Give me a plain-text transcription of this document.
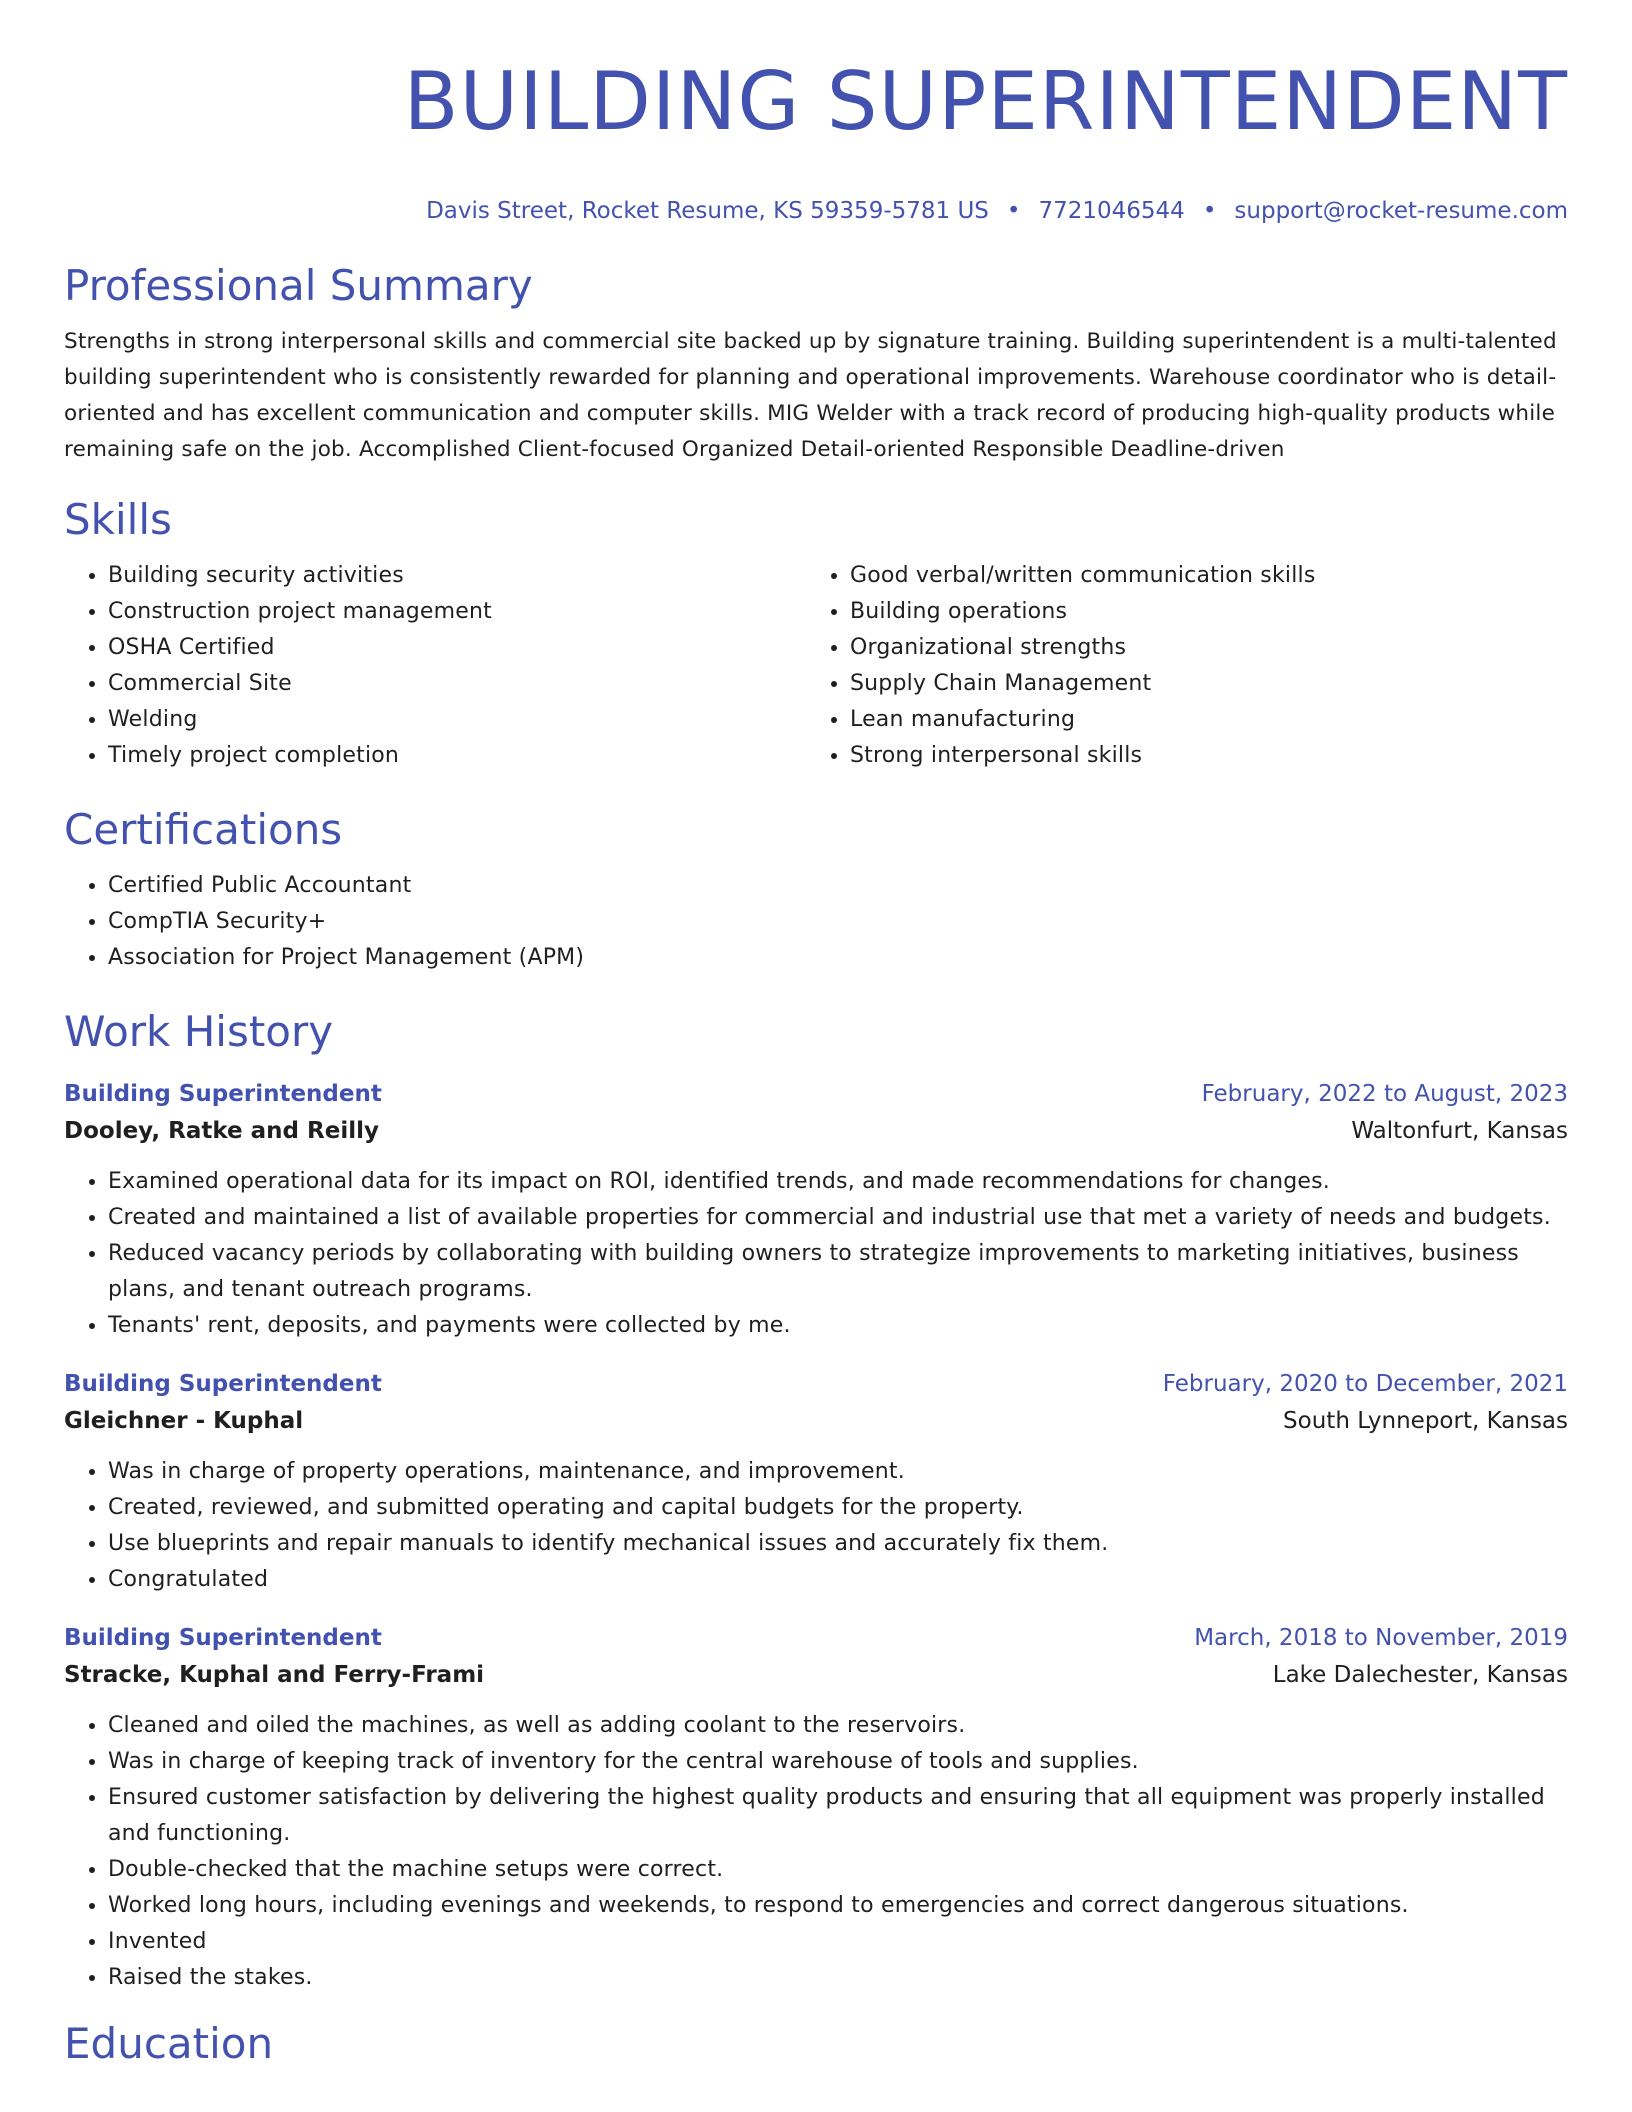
BUILDING SUPERINTENDENT
Davis Street, Rocket Resume, KS 59359-5781 US • 7721046544 • support@rocket-resume.com
Professional Summary
Strengths in strong interpersonal skills and commercial site backed up by signature training. Building superintendent is a multi-talented building superintendent who is consistently rewarded for planning and operational improvements. Warehouse coordinator who is detail-oriented and has excellent communication and computer skills. MIG Welder with a track record of producing high-quality products while remaining safe on the job. Accomplished Client-focused Organized Detail-oriented Responsible Deadline-driven
Skills
• Building security activities
• Construction project management
• OSHA Certified
• Commercial Site
• Welding
• Timely project completion
• Good verbal/written communication skills
• Building operations
• Organizational strengths
• Supply Chain Management
• Lean manufacturing
• Strong interpersonal skills
Certifications
• Certified Public Accountant
• CompTIA Security+
• Association for Project Management (APM)
Work History
Building Superintendent	February, 2022 to August, 2023
Dooley, Ratke and Reilly	Waltonfurt, Kansas
• Examined operational data for its impact on ROI, identified trends, and made recommendations for changes.
• Created and maintained a list of available properties for commercial and industrial use that met a variety of needs and budgets.
• Reduced vacancy periods by collaborating with building owners to strategize improvements to marketing initiatives, business plans, and tenant outreach programs.
• Tenants' rent, deposits, and payments were collected by me.
Building Superintendent	February, 2020 to December, 2021
Gleichner - Kuphal	South Lynneport, Kansas
• Was in charge of property operations, maintenance, and improvement.
• Created, reviewed, and submitted operating and capital budgets for the property.
• Use blueprints and repair manuals to identify mechanical issues and accurately fix them.
• Congratulated
Building Superintendent	March, 2018 to November, 2019
Stracke, Kuphal and Ferry-Frami	Lake Dalechester, Kansas
• Cleaned and oiled the machines, as well as adding coolant to the reservoirs.
• Was in charge of keeping track of inventory for the central warehouse of tools and supplies.
• Ensured customer satisfaction by delivering the highest quality products and ensuring that all equipment was properly installed and functioning.
• Double-checked that the machine setups were correct.
• Worked long hours, including evenings and weekends, to respond to emergencies and correct dangerous situations.
• Invented
• Raised the stakes.
Education
